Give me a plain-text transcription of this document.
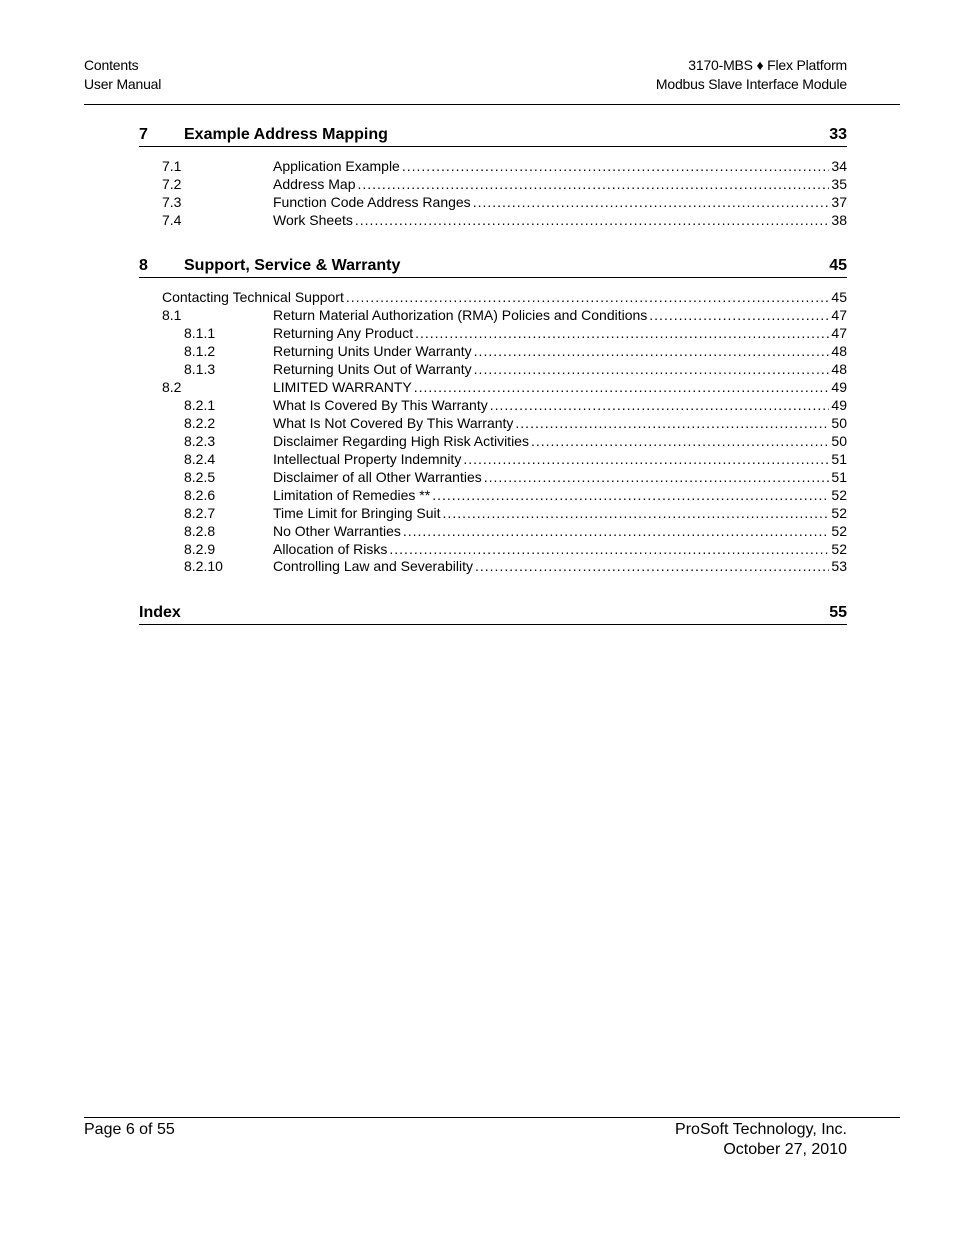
Contents
User Manual
3170-MBS ♦ Flex Platform
Modbus Slave Interface Module
7 Example Address Mapping	33
7.1	Application Example .....	34
7.2	Address Map .....	35
7.3	Function Code Address Ranges .....	37
7.4	Work Sheets .....	38
8 Support, Service & Warranty	45
Contacting Technical Support .....	45
8.1	Return Material Authorization (RMA) Policies and Conditions .....	47
8.1.1	Returning Any Product .....	47
8.1.2	Returning Units Under Warranty .....	48
8.1.3	Returning Units Out of Warranty .....	48
8.2	LIMITED WARRANTY .....	49
8.2.1	What Is Covered By This Warranty .....	49
8.2.2	What Is Not Covered By This Warranty .....	50
8.2.3	Disclaimer Regarding High Risk Activities .....	50
8.2.4	Intellectual Property Indemnity .....	51
8.2.5	Disclaimer of all Other Warranties .....	51
8.2.6	Limitation of Remedies ** .....	52
8.2.7	Time Limit for Bringing Suit .....	52
8.2.8	No Other Warranties .....	52
8.2.9	Allocation of Risks .....	52
8.2.10	Controlling Law and Severability .....	53
Index	55
Page 6 of 55	ProSoft Technology, Inc.
October 27, 2010
